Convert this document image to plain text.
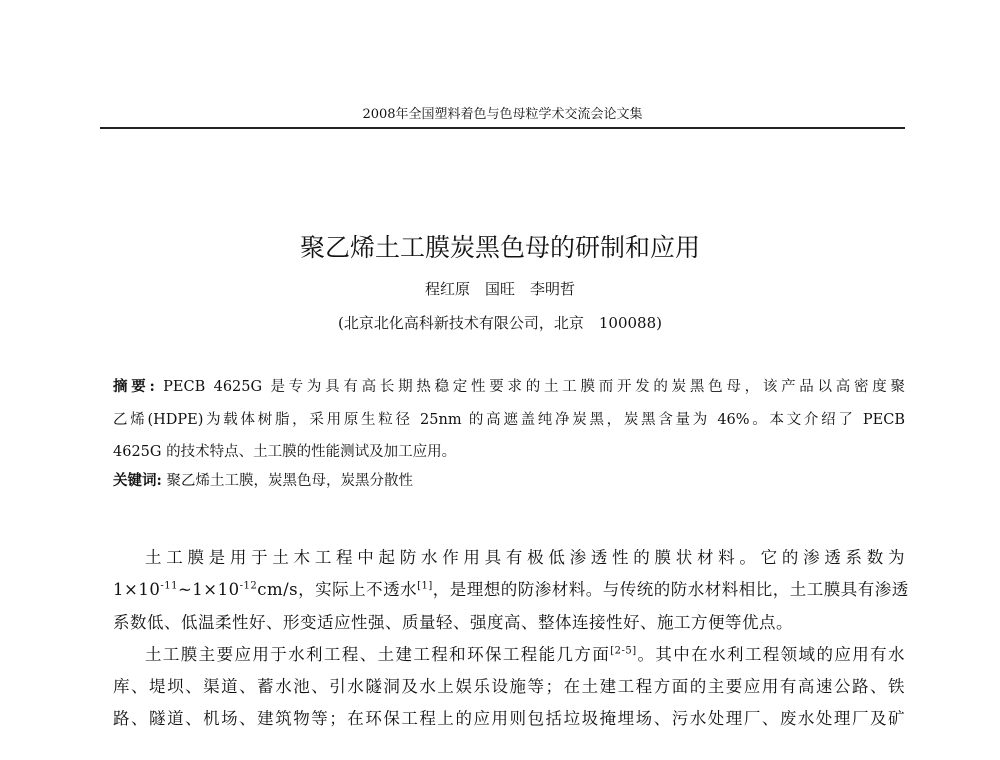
2008年全国塑料着色与色母粒学术交流会论文集
聚乙烯土工膜炭黑色母的研制和应用
程红原　国旺　李明哲
(北京北化高科新技术有限公司，北京　100088)
摘要: PECB 4625G 是专为具有高长期热稳定性要求的土工膜而开发的炭黑色母，该产品以高密度聚
乙烯(HDPE)为载体树脂，采用原生粒径 25nm 的高遮盖纯净炭黑，炭黑含量为 46%。本文介绍了 PECB
4625G 的技术特点、土工膜的性能测试及加工应用。
关键词: 聚乙烯土工膜，炭黑色母，炭黑分散性
土工膜是用于土木工程中起防水作用具有极低渗透性的膜状材料。它的渗透系数为
$1\times 10^{-11}\sim 1\times 10^{-12}cm/s$，实际上不透水[1]，是理想的防渗材料。与传统的防水材料相比，土工膜具有渗透
系数低、低温柔性好、形变适应性强、质量轻、强度高、整体连接性好、施工方便等优点。
土工膜主要应用于水利工程、土建工程和环保工程能几方面[2-5]。其中在水利工程领域的应用有水
库、堤坝、渠道、蓄水池、引水隧洞及水上娱乐设施等；在土建工程方面的主要应用有高速公路、铁
路、隧道、机场、建筑物等；在环保工程上的应用则包括垃圾掩埋场、污水处理厂、废水处理厂及矿
